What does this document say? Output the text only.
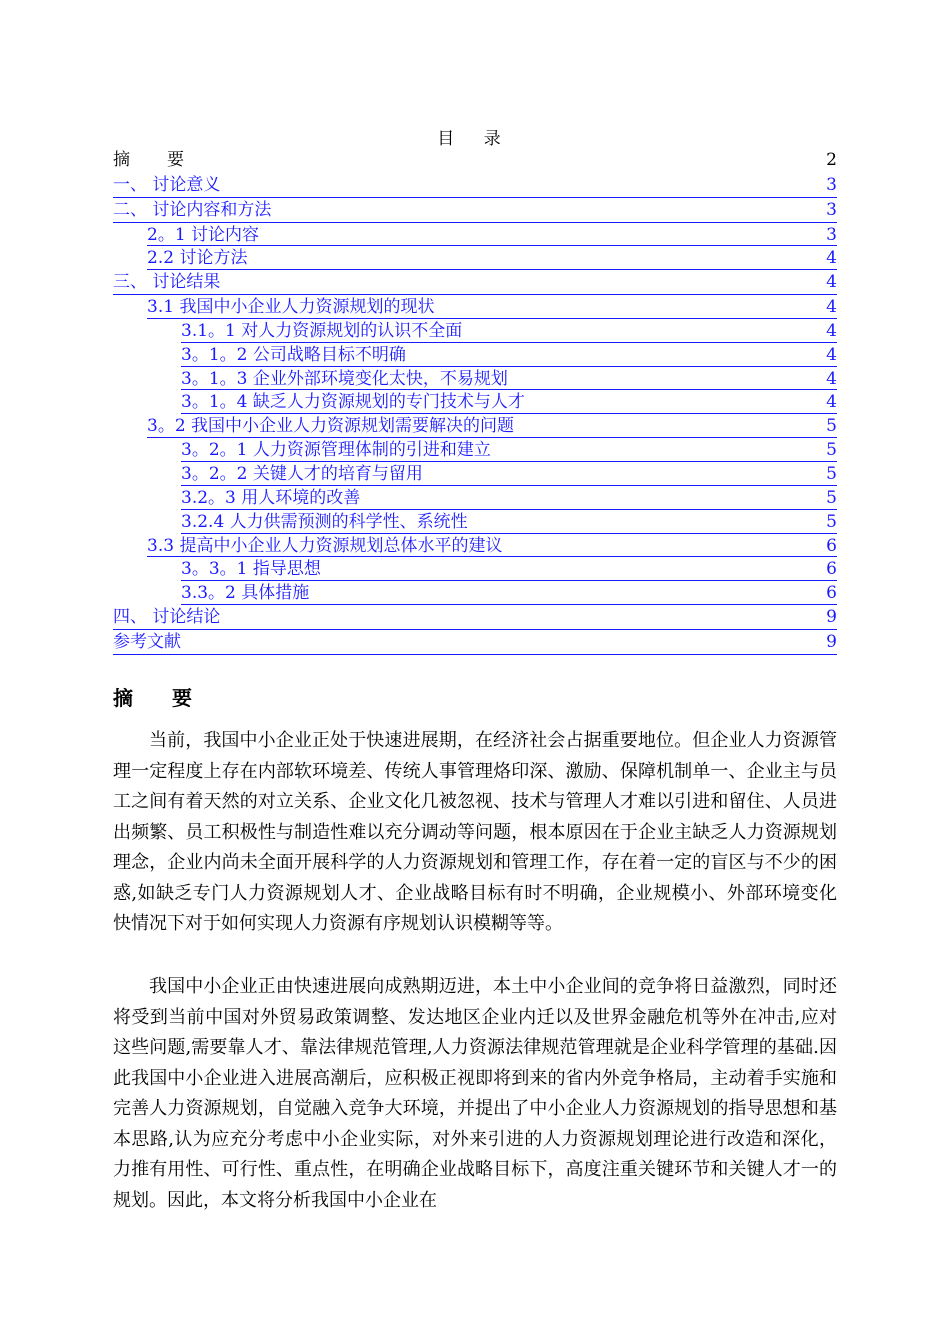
目 录
摘　要	2
一、 讨论意义	3
二、 讨论内容和方法	3
2。1 讨论内容	3
2.2 讨论方法	4
三、 讨论结果	4
3.1 我国中小企业人力资源规划的现状	4
3.1。1 对人力资源规划的认识不全面	4
3。1。2 公司战略目标不明确	4
3。1。3 企业外部环境变化太快，不易规划	4
3。1。4 缺乏人力资源规划的专门技术与人才	4
3。2 我国中小企业人力资源规划需要解决的问题	5
3。2。1 人力资源管理体制的引进和建立	5
3。2。2 关键人才的培育与留用	5
3.2。3 用人环境的改善	5
3.2.4 人力供需预测的科学性、系统性	5
3.3 提高中小企业人力资源规划总体水平的建议	6
3。3。1 指导思想	6
3.3。2 具体措施	6
四、 讨论结论	9
参考文献	9
摘 要
当前，我国中小企业正处于快速进展期，在经济社会占据重要地位。但企业人力资源管理一定程度上存在内部软环境差、传统人事管理烙印深、激励、保障机制单一、企业主与员工之间有着天然的对立关系、企业文化几被忽视、技术与管理人才难以引进和留住、人员进出频繁、员工积极性与制造性难以充分调动等问题，根本原因在于企业主缺乏人力资源规划理念，企业内尚未全面开展科学的人力资源规划和管理工作，存在着一定的盲区与不少的困惑,如缺乏专门人力资源规划人才、企业战略目标有时不明确，企业规模小、外部环境变化快情况下对于如何实现人力资源有序规划认识模糊等等。
我国中小企业正由快速进展向成熟期迈进，本土中小企业间的竞争将日益激烈，同时还将受到当前中国对外贸易政策调整、发达地区企业内迁以及世界金融危机等外在冲击,应对这些问题,需要靠人才、靠法律规范管理,人力资源法律规范管理就是企业科学管理的基础.因此我国中小企业进入进展高潮后，应积极正视即将到来的省内外竞争格局，主动着手实施和完善人力资源规划，自觉融入竞争大环境，并提出了中小企业人力资源规划的指导思想和基本思路,认为应充分考虑中小企业实际，对外来引进的人力资源规划理论进行改造和深化，力推有用性、可行性、重点性，在明确企业战略目标下，高度注重关键环节和关键人才一的规划。因此，本文将分析我国中小企业在
